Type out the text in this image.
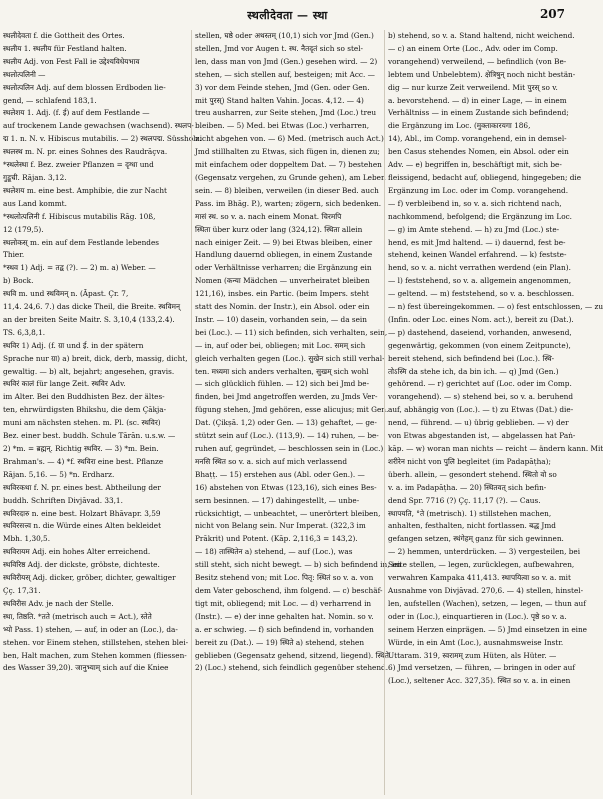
स्थलीदेवता — स्था	207
स्थलीदेवता f. die Gottheit des Ortes.
स्थलीय 1. स्थलीय für Festland halten.
स्थलीय Adj. von Fest Fall ie उद्देश्यविधेयभाव
स्थलोत्पलिनी —
स्थलोत्पलिन Adj. auf dem blossen Erdboden lie-
gend, — schlafend 183,1.
स्थलेशय 1. Adj. (f. ई) auf dem Festlande —
auf trockenem Lande gewachsen (wachsend). स्थलप-
द्म 1. n. N. v. Hibiscus mutabilis. — 2) स्थलपद्म. Süssholz.
स्थलस्थ m. N. pr. eines Sohnes des Raudrāçva.
*स्थलेस्था f. Bez. zweier Pflanzen = दृग्धा und
गुडूची. Rājan. 3,12.
स्थलेशय m. eine best. Amphibie, die zur Nacht
aus Land kommt.
*स्थलोत्पलिनी f. Hibiscus mutabilis Rāg. 10ß,
12 (179,5).
स्थलोकस् m. ein auf dem Festlande lebendes
Thier.
*स्थव 1) Adj. = तद्व (?). — 2) m. a) Weber. —
b) Bock.
स्थवि m. und स्थविमन् n. (Āpast. Çr. 7,
11,4. 24,6. 7.) das dicke Theil, die Breite. स्थविमन्
an der breiten Seite Maitr. S. 3,10,4 (133,2.4).
TS. 6,3,8,1.
स्थविर 1) Adj. (f. ग्रा und ई. in der spätern
Sprache nur ग्रा) a) breit, dick, derb, massig, dicht,
gewaltig. — b) alt, bejahrt; angesehen, gravis.
स्थविरं कालं für lange Zeit. स्थविर Adv.
im Alter. Bei den Buddhisten Bez. der ältes-
ten, ehrwürdigsten Bhikshu, die dem Çākja-
muni am nächsten stehen. m. Pl. (sc. स्थविर)
Bez. einer best. buddh. Schule Tārān. u.s.w. —
2) *m. = ब्रह्मन्. Richtig स्थविर. — 3) *m. Bein.
Brahman's. — 4) *f. स्थविरा eine best. Pflanze
Rājan. 5,16. — 5) *n. Erdharz.
स्थविरकथा f. N. pr. eines best. Abtheilung der
buddh. Schriften Divjāvad. 33,1.
स्थविरदारु n. eine best. Holzart Bhāvapr. 3,59
स्थविरसत्त्व n. die Würde eines Alten bekleidet
Mbh. 1,30,5.
स्थविरायम Adj. ein hohes Alter erreichend.
स्थविरिष्ठ Adj. der dickste, gröbste, dichteste.
स्थविरीयस् Adj. dicker, gröber, dichter, gewaltiger
Çç. 17,31.
स्थविरीस Adv. je nach der Stelle.
स्था, तिष्ठति. *तते (metrisch auch = Act.), स्तेते
भ्यो Pass. 1) stehen, — auf, in oder an (Loc.), da-
stehen. vor Einem stehen, stillstehen, stehen blei-
ben, Halt machen, zum Stehen kommen (fliessen-
des Wasser 39,20). जानुभ्याम् sich auf die Kniee
stellen, घष्ठे oder अथस्तम् (10,1) sich vor Jmd (Gen.)
stellen, Jmd vor Augen t. स्थ. नैतदृतं sich so stel-
len, dass man von Jmd (Gen.) gesehen wird. — 2)
stehen, — sich stellen auf, besteigen; mit Acc. —
3) vor dem Feinde stehen, Jmd (Gen. oder Gen.
mit पुरस्) Stand halten Vahin. Jocas. 4,12. — 4)
treu ausharren, zur Seite stehen, Jmd (Loc.) treu
bleiben. — 5) Med. bei Etwas (Loc.) verharren,
nicht abgehen von. — 6) Med. (metrisch auch Act.)
Jmd stillhalten zu Etwas, sich fügen in, dienen zu;
mit einfachem oder doppeltem Dat. — 7) bestehen
(Gegensatz vergehen, zu Grunde gehen), am Leben
sein. — 8) bleiben, verweilen (in dieser Bed. auch
Pass. im Bhāg. P.), warten; zögern, sich bedenken.
मासं स्थ. so v. a. nach einem Monat. चिरमपि
स्थिता über kurz oder lang (324,12). स्थिता allein
nach einiger Zeit. — 9) bei Etwas bleiben, einer
Handlung dauernd obliegen, in einem Zustande
oder Verhältnisse verharren; die Ergänzung ein
Nomen (कन्या Mädchen — unverheiratet bleiben
121,16), insbes. ein Partic. (beim Impers. steht
statt des Nomin. der Instr.), ein Absol. oder ein
Instr. — 10) dasein, vorhanden sein, — da sein
bei (Loc.). — 11) sich befinden, sich verhalten, sein,
— in, auf oder bei, obliegen; mit Loc. समम् sich
gleich verhalten gegen (Loc.). सुखेन sich still verhal-
ten. मध्यमा sich anders verhalten, सुखम् sich wohl
— sich glücklich fühlen. — 12) sich bei Jmd be-
finden, bei Jmd angetroffen werden, zu Jmds Ver-
fügung stehen, Jmd gehören, esse alicujus; mit Gen.
Dat. (Çikṣā. 1,2) oder Gen. — 13) gehaftet, — ge-
stützt sein auf (Loc.). (113,9). — 14) ruhen, — be-
ruhen auf, gegründet, — beschlossen sein in (Loc.).
मनसि स्थित so v. a. sich auf mich verlassend
Bhaṭṭ. — 15) erstehen aus (Abl. oder Gen.). —
16) abstehen von Etwas (123,16), sich eines Bes-
sern besinnen. — 17) dahingestellt, — unbe-
rücksichtigt, — unbeachtet, — unerörtert bleiben,
nicht von Belang sein. Nur Imperat. (322,3 im
Prākrit) und Potent. (Kāp. 2,116,3 = 143,2).
— 18) तास्थितेन a) stehend, — auf (Loc.), was
still steht, sich nicht bewegt. — b) sich befindend in, im
Besitz stehend von; mit Loc. पितृ: स्थितं so v. a. von
dem Vater geboschend, ihm folgend. — c) beschäf-
tigt mit, obliegend; mit Loc. — d) verharrend in
(Instr.). — e) der inne gehalten hat. Nomin. so v.
a. er schwieg. — f) sich befindend in, vorhanden
bereit zu (Dat.). — 19) स्थिते a) stehend, stehen
geblieben (Gegensatz gehend, sitzend, liegend). स्थिते
2) (Loc.) stehend, sich feindlich gegenüber stehend.
b) stehend, so v. a. Stand haltend, nicht weichend.
— c) an einem Orte (Loc., Adv. oder im Comp.
vorangehend) verweilend, — befindlich (von Be-
lebtem und Unbelebtem). क्षेत्रिषुन् noch nicht bestän-
dig — nur kurze Zeit verweilend. Mit पुरस् so v.
a. bevorstehend. — d) in einer Lage, — in einem
Verhältniss — in einem Zustande sich befindend;
die Ergänzung im Loc. (मुक्ताकारयगा 186,
14), Abl., im Comp. vorangehend, ein in demsel-
ben Casus stehendes Nomen, ein Absol. oder ein
Adv. — e) begriffen in, beschäftigt mit, sich be-
fleissigend, bedacht auf, obliegend, hingegeben; die
Ergänzung im Loc. oder im Comp. vorangehend.
— f) verbleibend in, so v. a. sich richtend nach,
nachkommend, befolgend; die Ergänzung im Loc.
— g) im Amte stehend. — h) zu Jmd (Loc.) ste-
hend, es mit Jmd haltend. — i) dauernd, fest be-
stehend, keinen Wandel erfahrend. — k) festste-
hend, so v. a. nicht verrathen werdend (ein Plan).
— l) feststehend, so v. a. allgemein angenommen,
— geltend. — m) feststehend, so v. a. beschlossen.
— n) fest übereingekommen. — o) fest entschlossen, — zu
(Infin. oder Loc. eines Nom. act.), bereit zu (Dat.).
— p) dastehend, daseiend, vorhanden, anwesend,
gegenwärtig, gekommen (von einem Zeitpuncte),
bereit stehend, sich befindend bei (Loc.). स्थि-
तोऽस्मि da stehe ich, da bin ich. — q) Jmd (Gen.)
gehörend. — r) gerichtet auf (Loc. oder im Comp.
vorangehend). — s) stehend bei, so v. a. beruhend
auf, abhängig von (Loc.). — t) zu Etwas (Dat.) die-
nend, — führend. — u) übrig geblieben. — v) der
von Etwas abgestanden ist, — abgelassen hat Paṅ-
kāp. — w) woran man nichts — reicht — ändern kann. Mit
शरीरेन nicht von पुलि begleitet (im Padapāṭha);
überh. allein, — gesondert stehend. स्थितो वो so
v. a. im Padapāṭha. — 20) स्थितवत् sich befin-
dend Spr. 7716 (?) Çç. 11,17 (?). — Caus.
स्थापयति, °ते (metrisch). 1) stillstehen machen,
anhalten, festhalten, nicht fortlassen. बद्ध Jmd
gefangen setzen, स्थंगेहम् ganz für sich gewinnen.
— 2) hemmen, unterdrücken. — 3) vergesteilen, bei
Seite stellen, — legen, zurücklegen, aufbewahren,
verwahren Kampaka 411,413. स्थापयित्वा so v. a. mit
Ausnahme von Divjāvad. 270,6. — 4) stellen, hinstel-
len, aufstellen (Wachen), setzen, — legen, — thun auf
oder in (Loc.), einquartieren in (Loc.). पृष्ठे so v. a.
seinem Herzen einprägen. — 5) Jmd einsetzen in eine
Würde, in ein Amt (Loc.), ausnahmsweise Instr.
Uttaram. 319, स्वरामम् zum Hüten, als Hüter. —
6) Jmd versetzen, — führen, — bringen in oder auf
(Loc.), seltener Acc. 327,35). स्थित so v. a. in einen
